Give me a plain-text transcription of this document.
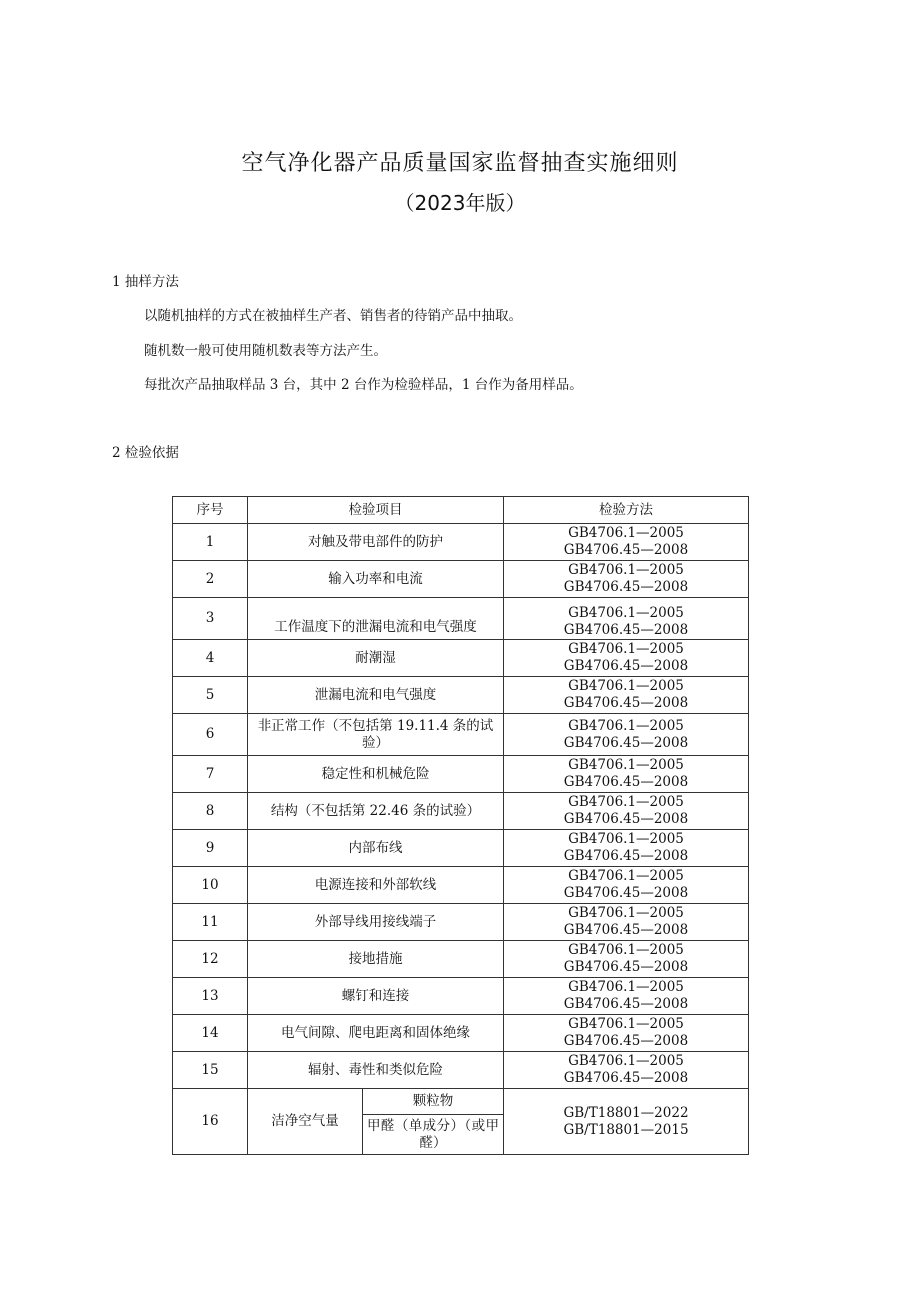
空气净化器产品质量国家监督抽查实施细则
（2023年版）
1 抽样方法
以随机抽样的方式在被抽样生产者、销售者的待销产品中抽取。
随机数一般可使用随机数表等方法产生。
每批次产品抽取样品 3 台，其中 2 台作为检验样品，1 台作为备用样品。
2 检验依据
序号	检验项目		检验方法
1	对触及带电部件的防护		GB4706.1—2005
GB4706.45—2008

2	输入功率和电流		GB4706.1—2005
GB4706.45—2008

3	工作温度下的泄漏电流和电气强度		GB4706.1—2005
GB4706.45—2008

4	耐潮湿		GB4706.1—2005
GB4706.45—2008

5	泄漏电流和电气强度		GB4706.1—2005
GB4706.45—2008

6	非正常工作（不包括第 19.11.4 条的试验）		GB4706.1—2005
GB4706.45—2008

7	稳定性和机械危险		GB4706.1—2005
GB4706.45—2008

8	结构（不包括第 22.46 条的试验）		GB4706.1—2005
GB4706.45—2008

9	内部布线		GB4706.1—2005
GB4706.45—2008

10	电源连接和外部软线		GB4706.1—2005
GB4706.45—2008

11	外部导线用接线端子		GB4706.1—2005
GB4706.45—2008

12	接地措施		GB4706.1—2005
GB4706.45—2008

13	螺钉和连接		GB4706.1—2005
GB4706.45—2008

14	电气间隙、爬电距离和固体绝缘		GB4706.1—2005
GB4706.45—2008

15	辐射、毒性和类似危险		GB4706.1—2005
GB4706.45—2008

16	洁净空气量	颗粒物	GB/T18801—2022
GB/T18801—2015

		甲醛（单成分）（或甲醛）	
